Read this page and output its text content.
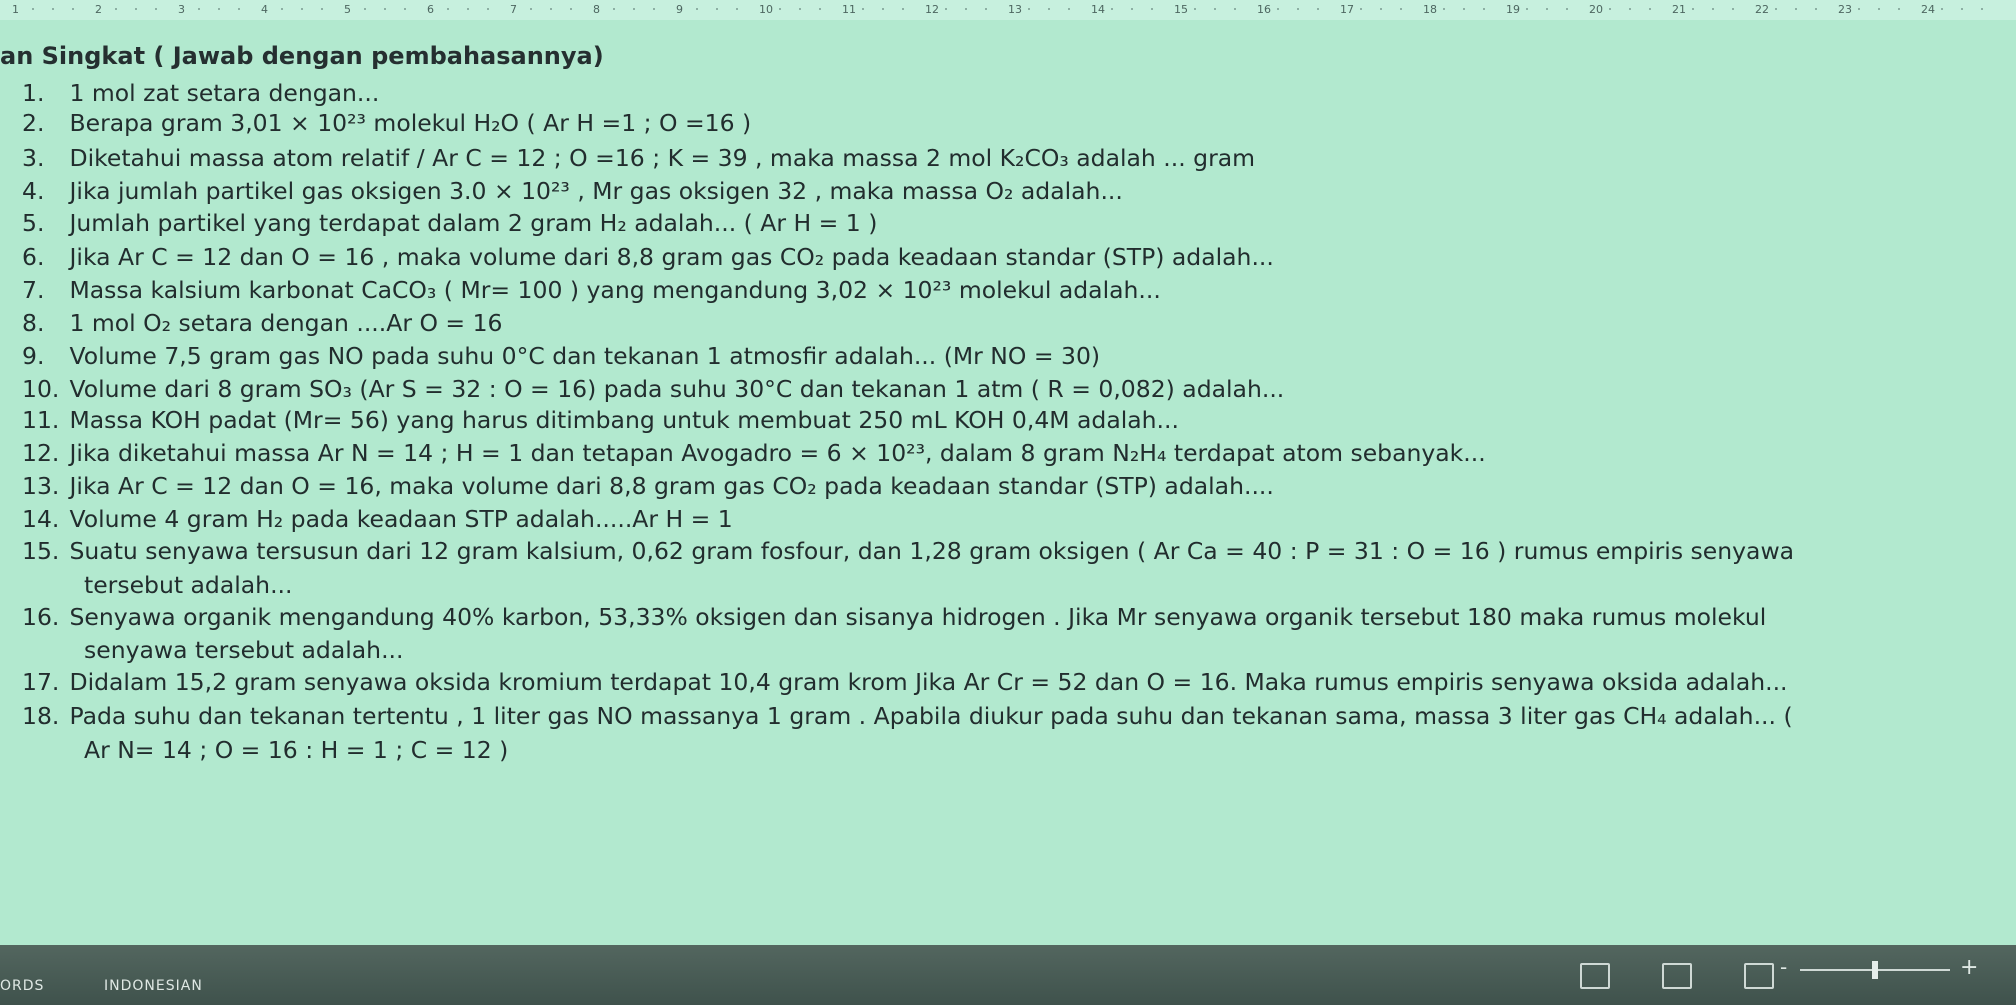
1	2	3	4	5	6	7	8	9	10	11	12	13	14	15	16	17	18	19	20	21	22	23	24
an Singkat ( Jawab dengan pembahasannya)
1. 1 mol zat setara dengan...
2. Berapa gram 3,01 × 10²³ molekul H₂O ( Ar H =1 ; O =16 )
3. Diketahui massa atom relatif / Ar C = 12 ; O =16 ; K = 39 , maka massa 2 mol K₂CO₃ adalah ... gram
4. Jika jumlah partikel gas oksigen 3.0 × 10²³ , Mr gas oksigen 32 , maka massa O₂ adalah...
5. Jumlah partikel yang terdapat dalam 2 gram H₂ adalah... ( Ar H = 1 )
6. Jika Ar C = 12 dan O = 16 , maka volume dari 8,8 gram gas CO₂ pada keadaan standar (STP) adalah...
7. Massa kalsium karbonat CaCO₃ ( Mr= 100 ) yang mengandung 3,02 × 10²³ molekul adalah...
8. 1 mol O₂ setara dengan ....Ar O = 16
9. Volume 7,5 gram gas NO pada suhu 0°C dan tekanan 1 atmosfir adalah... (Mr NO = 30)
10. Volume dari 8 gram SO₃ (Ar S = 32 : O = 16) pada suhu 30°C dan tekanan 1 atm ( R = 0,082) adalah...
11. Massa KOH padat (Mr= 56) yang harus ditimbang untuk membuat 250 mL KOH 0,4M adalah...
12. Jika diketahui massa Ar N = 14 ; H = 1 dan tetapan Avogadro = 6 × 10²³, dalam 8 gram N₂H₄ terdapat atom sebanyak...
13. Jika Ar C = 12 dan O = 16, maka volume dari 8,8 gram gas CO₂ pada keadaan standar (STP) adalah....
14. Volume 4 gram H₂ pada keadaan STP adalah.....Ar H = 1
15. Suatu senyawa tersusun dari 12 gram kalsium, 0,62 gram fosfour, dan 1,28 gram oksigen ( Ar Ca = 40 : P = 31 : O = 16 ) rumus empiris senyawa
tersebut adalah...
16. Senyawa organik mengandung 40% karbon, 53,33% oksigen dan sisanya hidrogen . Jika Mr senyawa organik tersebut 180 maka rumus molekul
senyawa tersebut adalah...
17. Didalam 15,2 gram senyawa oksida kromium terdapat 10,4 gram krom Jika Ar Cr = 52 dan O = 16. Maka rumus empiris senyawa oksida adalah...
18. Pada suhu dan tekanan tertentu , 1 liter gas NO massanya 1 gram . Apabila diukur pada suhu dan tekanan sama, massa 3 liter gas CH₄ adalah... (
Ar N= 14 ; O = 16 : H = 1 ; C = 12 )
ORDS	INDONESIAN
-	+
